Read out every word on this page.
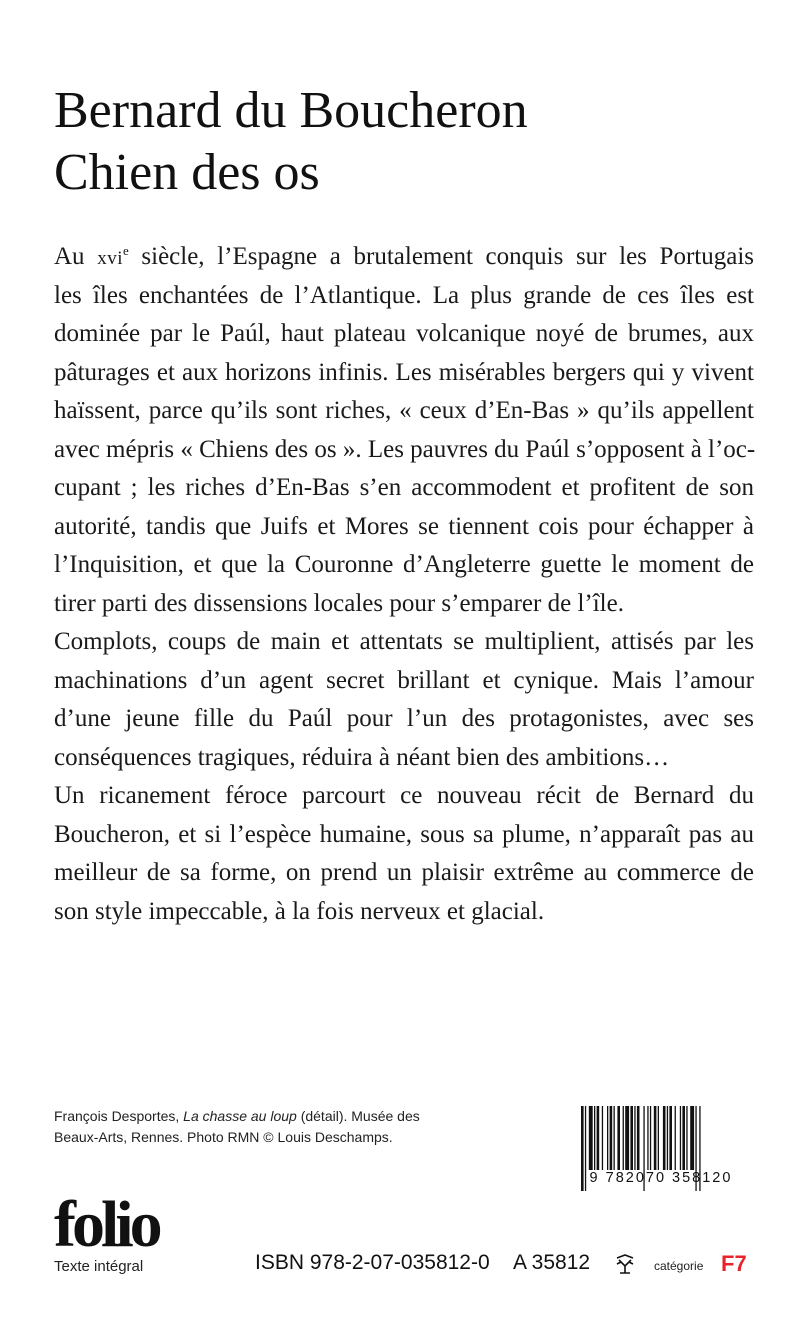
Bernard du Boucheron
Chien des os
Au xvi$^e$ siècle, l’Espagne a brutalement conquis sur les Portugais
les îles enchantées de l’Atlantique. La plus grande de ces îles est
dominée par le Paúl, haut plateau volcanique noyé de brumes, aux
pâturages et aux horizons infinis. Les misérables bergers qui y vivent
haïssent, parce qu’ils sont riches, « ceux d’En-Bas » qu’ils appellent
avec mépris « Chiens des os ». Les pauvres du Paúl s’opposent à l’oc-
cupant ; les riches d’En-Bas s’en accommodent et profitent de son
autorité, tandis que Juifs et Mores se tiennent cois pour échapper à
l’Inquisition, et que la Couronne d’Angleterre guette le moment de
tirer parti des dissensions locales pour s’emparer de l’île.
Complots, coups de main et attentats se multiplient, attisés par les
machinations d’un agent secret brillant et cynique. Mais l’amour
d’une jeune fille du Paúl pour l’un des protagonistes, avec ses
conséquences tragiques, réduira à néant bien des ambitions…
Un ricanement féroce parcourt ce nouveau récit de Bernard du
Boucheron, et si l’espèce humaine, sous sa plume, n’apparaît pas au
meilleur de sa forme, on prend un plaisir extrême au commerce de
son style impeccable, à la fois nerveux et glacial.
François Desportes, La chasse au loup (détail). Musée des
Beaux-Arts, Rennes. Photo RMN © Louis Deschamps.
9 782070 358120
folio
Texte intégral	ISBN 978-2-07-035812-0 A 35812	catégorie F7
